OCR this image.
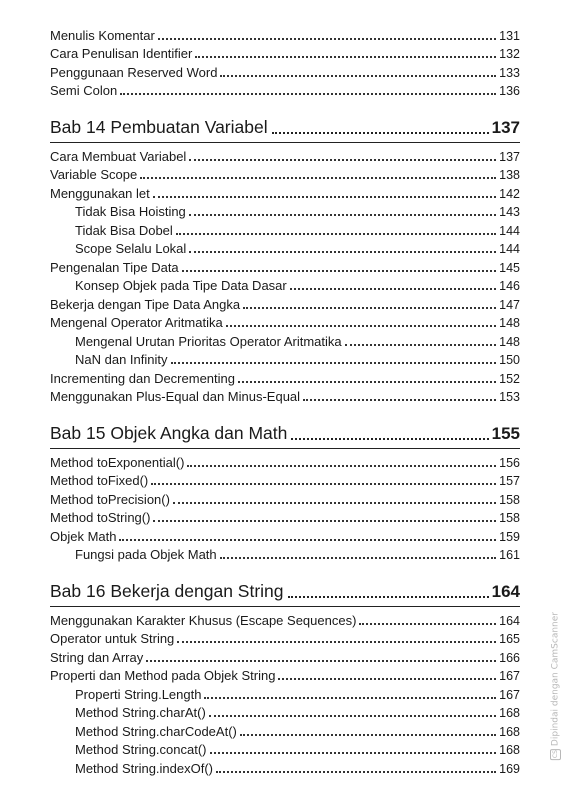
Menulis Komentar	131
Cara Penulisan Identifier	132
Penggunaan Reserved Word	133
Semi Colon	136
Bab 14 Pembuatan Variabel	137
Cara Membuat Variabel	137
Variable Scope	138
Menggunakan let	142
Tidak Bisa Hoisting	143
Tidak Bisa Dobel	144
Scope Selalu Lokal	144
Pengenalan Tipe Data	145
Konsep Objek pada Tipe Data Dasar	146
Bekerja dengan Tipe Data Angka	147
Mengenal Operator Aritmatika	148
Mengenal Urutan Prioritas Operator Aritmatika	148
NaN dan Infinity	150
Incrementing dan Decrementing	152
Menggunakan Plus-Equal dan Minus-Equal	153
Bab 15 Objek Angka dan Math	155
Method toExponential()	156
Method toFixed()	157
Method toPrecision()	158
Method toString()	158
Objek Math	159
Fungsi pada Objek Math	161
Bab 16 Bekerja dengan String	164
Menggunakan Karakter Khusus (Escape Sequences)	164
Operator untuk String	165
String dan Array	166
Properti dan Method pada Objek String	167
Properti String.Length	167
Method String.charAt()	168
Method String.charCodeAt()	168
Method String.concat()	168
Method String.indexOf()	169
CS
Dipindai dengan CamScanner
